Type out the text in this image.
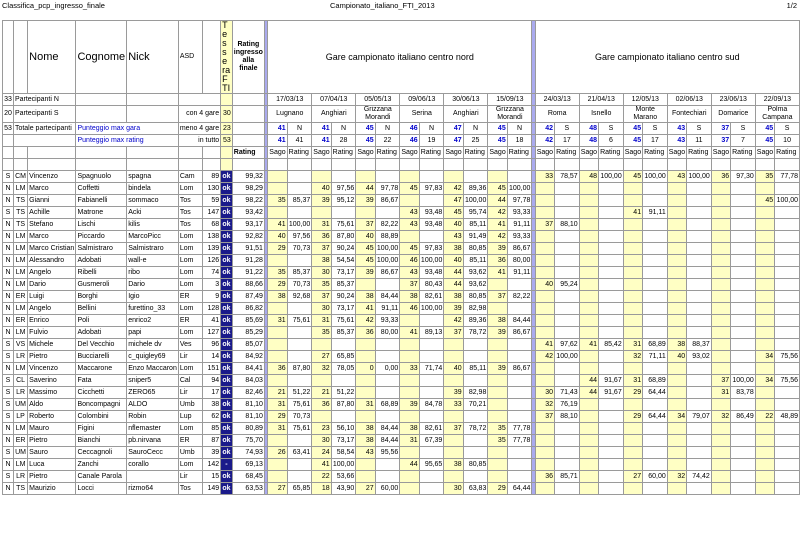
Classifica_pcp_ingresso_finale	Campionato_italiano_FTI_2013	1/2
		Nome	Cognome	Nick	ASD		Tes se ra FTI	Rating ingresso alla finale		Gare campionato italiano centro nord													Gare campionato italiano centro sud											
33	Partecipanti N									17/03/13		07/04/13		05/05/13		09/06/13		30/06/13		15/09/13			24/03/13		21/04/13		12/05/13		02/06/13		23/06/13		22/09/13	
20	Partecipanti S				con 4 gare		30			Lugnano		Anghiari		Grizzana Morandi		Serina		Anghiari		Grizzana Morandi			Roma		Isnello		Monte Marano		Fontechiari		Domarice		Polma Campana	
53	Totale partecipanti		Punteggio max gara		meno 4 gare		23			41	N	41	N	45	N	46	N	47	N	45	N		42	S	48	S	45	S	43	S	37	S	45	S
			Punteggio max rating		in tutto		53			41	41	41	28	45	22	46	19	47	25	45	18		42	17	48	6	45	17	43	11	37	7	45	10
								Rating		Sago	Rating	Sago	Rating	Sago	Rating	Sago	Rating	Sago	Rating	Sago	Rating		Sago	Rating	Sago	Rating	Sago	Rating	Sago	Rating	Sago	Rating	Sago	Rating

S	CM	Vincenzo	Spagnuolo	spagna	Cam	89	ok	99,32															33	78,57	48	100,00	45	100,00	43	100,00	36	97,30	35	77,78
N	LM	Marco	Coffetti	bindela	Lom	130	ok	98,29				40	97,56	44	97,78	45	97,83	42	89,36	45	100,00													
N	TS	Gianni	Fabianelli	sommaco	Tos	59	ok	98,22		35	85,37	39	95,12	39	86,67			47	100,00	44	97,78												45	100,00
S	TS	Achille	Matrone	Acki	Tos	147	ok	93,42								43	93,48	45	95,74	42	93,33						41	91,11						
N	TS	Stefano	Lischi	kilis	Tos	68	ok	93,17		41	100,00	31	75,61	37	82,22	43	93,48	40	85,11	41	91,11		37	88,10										
N	LM	Marco	Piccardo	MarcoPicc	Lom	138	ok	92,82		40	97,56	36	87,80	40	88,89			43	91,49	42	93,33													
N	LM	Marco Cristian	Salmistraro	Salmistraro	Lom	139	ok	91,51		29	70,73	37	90,24	45	100,00	45	97,83	38	80,85	39	86,67													
N	LM	Alessandro	Adobati	wall-e	Lom	126	ok	91,28				38	54,54	45	100,00	46	100,00	40	85,11	36	80,00													
N	LM	Angelo	Ribelli	ribo	Lom	74	ok	91,22		35	85,37	30	73,17	39	86,67	43	93,48	44	93,62	41	91,11													
N	LM	Dario	Gusmeroli	Dario	Lom	3	ok	88,66		29	70,73	35	85,37			37	80,43	44	93,62				40	95,24										
N	ER	Luigi	Borghi	Igio	ER	9	ok	87,49		38	92,68	37	90,24	38	84,44	38	82,61	38	80,85	37	82,22													
N	LM	Angelo	Bellini	furettino_33	Lom	128	ok	86,82				30	73,17	41	91,11	46	100,00	39	82,98															
N	ER	Enrico	Poli	enrico2	ER	41	ok	85,69		31	75,61	31	75,61	42	93,33			42	89,36	38	84,44													
N	LM	Fulvio	Adobati	papi	Lom	127	ok	85,29				35	85,37	36	80,00	41	89,13	37	78,72	39	86,67													
S	VS	Michele	Del Vecchio	michele dv	Ves	96	ok	85,07															41	97,62	41	85,42	31	68,89	38	88,37				
S	LR	Pietro	Bucciarelli	c_quigley69	Lir	14	ok	84,92				27	65,85										42	100,00			32	71,11	40	93,02			34	75,56
N	LM	Vincenzo	Maccarone	Enzo Maccaron	Lom	151	ok	84,41		36	87,80	32	78,05	0	0,00	33	71,74	40	85,11	39	86,67													
S	CL	Saverino	Fata	sniper5	Cal	94	ok	84,03																	44	91,67	31	68,89			37	100,00	34	75,56
S	LR	Massimo	Cicchetti	ZERO65	Lir	17	ok	82,46		21	51,22	21	51,22					39	82,98				30	71,43	44	91,67	29	64,44			31	83,78		
S	UM	Aldo	Boncompagni	ALDO	Umb	38	ok	81,10		31	75,61	36	87,80	31	68,89	39	84,78	33	70,21				32	76,19										
S	LP	Roberto	Colombini	Robin	Lup	62	ok	81,10		29	70,73												37	88,10			29	64,44	34	79,07	32	86,49	22	48,89
N	LM	Mauro	Figini	nflemaster	Lom	85	ok	80,89		31	75,61	23	56,10	38	84,44	38	82,61	37	78,72	35	77,78													
N	ER	Pietro	Bianchi	pb.nirvana	ER	87	ok	75,70				30	73,17	38	84,44	31	67,39			35	77,78													
S	UM	Sauro	Ceccagnoli	SauroCecc	Umb	39	ok	74,93		26	63,41	24	58,54	43	95,56																			
N	LM	Luca	Zanchi	corallo	Lom	142	-	69,13				41	100,00			44	95,65	38	80,85															
S	LR	Pietro	Canale Parola		Lir	15	ok	68,45				22	53,66										36	85,71			27	60,00	32	74,42				
N	TS	Maurizio	Locci	rizmo64	Tos	149	ok	63,53		27	65,85	18	43,90	27	60,00			30	63,83	29	64,44													
